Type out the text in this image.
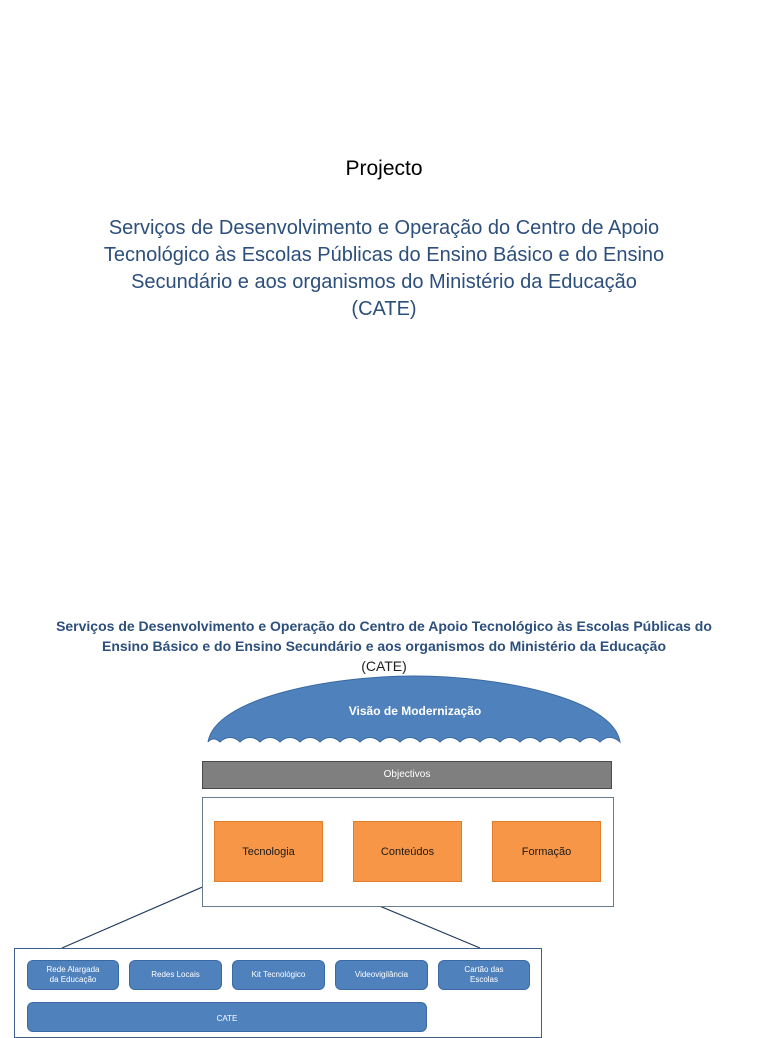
Projecto
Serviços de Desenvolvimento e Operação do Centro de Apoio
Tecnológico às Escolas Públicas do Ensino Básico e do Ensino
Secundário e aos organismos do Ministério da Educação
(CATE)
Serviços de Desenvolvimento e Operação do Centro de Apoio Tecnológico às Escolas Públicas do
Ensino Básico e do Ensino Secundário e aos organismos do Ministério da Educação
(CATE)
Visão de Modernização
Objectivos
Tecnologia	Conteúdos	Formação
Rede Alargada
da Educação
Redes Locais	Kit Tecnológico	Videovigilância
Cartão das
Escolas
CATE
